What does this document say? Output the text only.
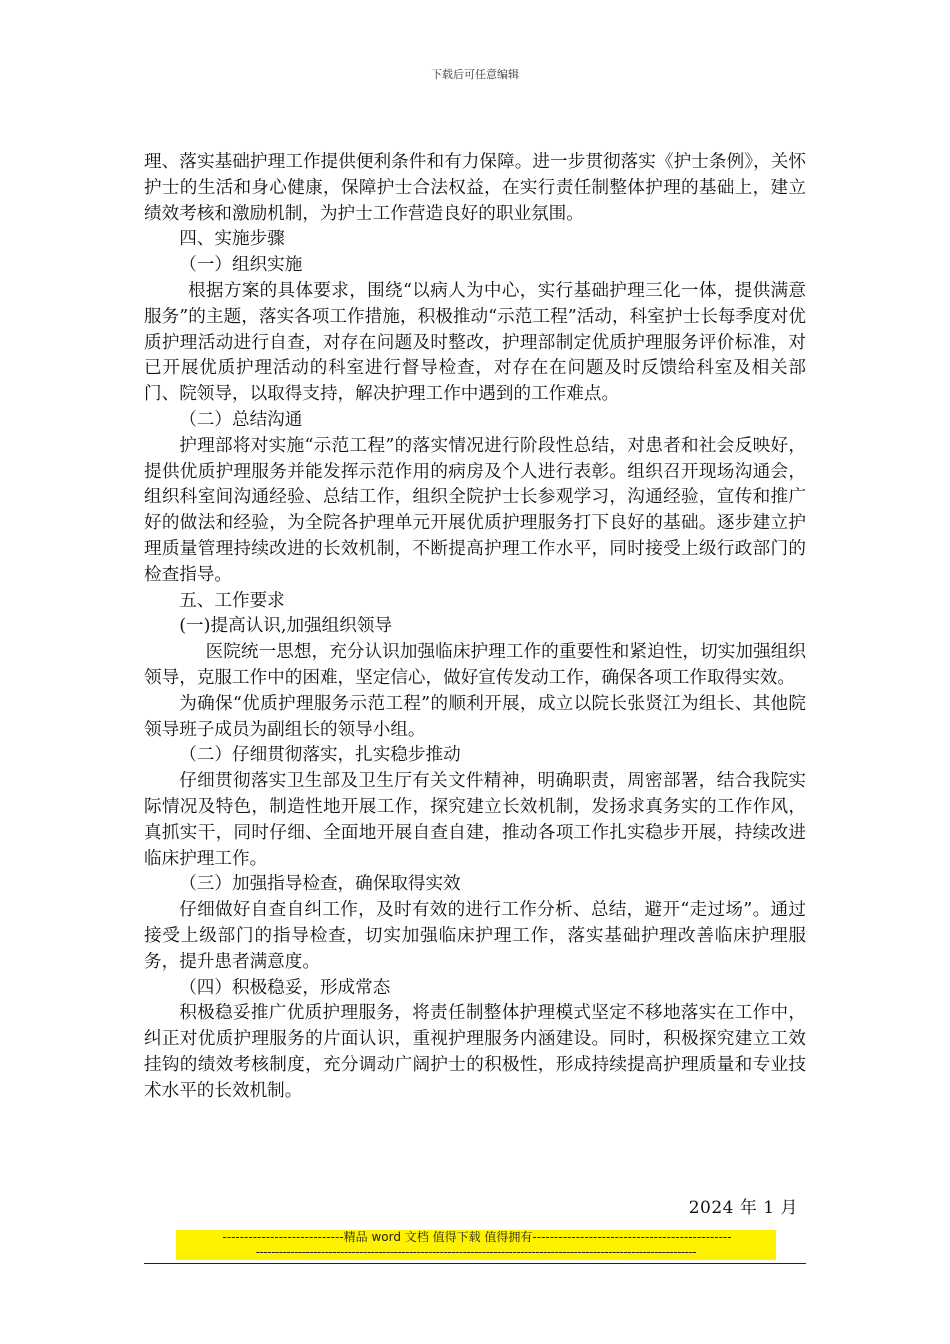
下载后可任意编辑

理、落实基础护理工作提供便利条件和有力保障。进一步贯彻落实《护士条例》，关怀护士的生活和身心健康，保障护士合法权益，在实行责任制整体护理的基础上，建立绩效考核和激励机制，为护士工作营造良好的职业氛围。

四、实施步骤

（一）组织实施

根据方案的具体要求，围绕“以病人为中心，实行基础护理三化一体，提供满意服务”的主题，落实各项工作措施，积极推动“示范工程”活动，科室护士长每季度对优质护理活动进行自查，对存在问题及时整改，护理部制定优质护理服务评价标准，对已开展优质护理活动的科室进行督导检查，对存在在问题及时反馈给科室及相关部门、院领导，以取得支持，解决护理工作中遇到的工作难点。

（二）总结沟通

护理部将对实施“示范工程”的落实情况进行阶段性总结，对患者和社会反映好，提供优质护理服务并能发挥示范作用的病房及个人进行表彰。组织召开现场沟通会，组织科室间沟通经验、总结工作，组织全院护士长参观学习，沟通经验，宣传和推广好的做法和经验，为全院各护理单元开展优质护理服务打下良好的基础。逐步建立护理质量管理持续改进的长效机制，不断提高护理工作水平，同时接受上级行政部门的检查指导。

五、工作要求

(一)提高认识,加强组织领导

医院统一思想，充分认识加强临床护理工作的重要性和紧迫性，切实加强组织领导，克服工作中的困难，坚定信心，做好宣传发动工作，确保各项工作取得实效。

为确保“优质护理服务示范工程”的顺利开展，成立以院长张贤江为组长、其他院领导班子成员为副组长的领导小组。

（二）仔细贯彻落实，扎实稳步推动

仔细贯彻落实卫生部及卫生厅有关文件精神，明确职责，周密部署，结合我院实际情况及特色，制造性地开展工作，探究建立长效机制，发扬求真务实的工作作风，真抓实干，同时仔细、全面地开展自查自建，推动各项工作扎实稳步开展，持续改进临床护理工作。

（三）加强指导检查，确保取得实效

仔细做好自查自纠工作，及时有效的进行工作分析、总结，避开“走过场”。通过接受上级部门的指导检查，切实加强临床护理工作，落实基础护理改善临床护理服务，提升患者满意度。

（四）积极稳妥，形成常态

积极稳妥推广优质护理服务，将责任制整体护理模式坚定不移地落实在工作中，纠正对优质护理服务的片面认识，重视护理服务内涵建设。同时，积极探究建立工效挂钩的绩效考核制度，充分调动广阔护士的积极性，形成持续提高护理质量和专业技术水平的长效机制。

2024 年 1 月
----------------------------精品 word 文档 值得下载 值得拥有----------------------------------------------
-------------------------------------------------------------------------------------------------------------------
